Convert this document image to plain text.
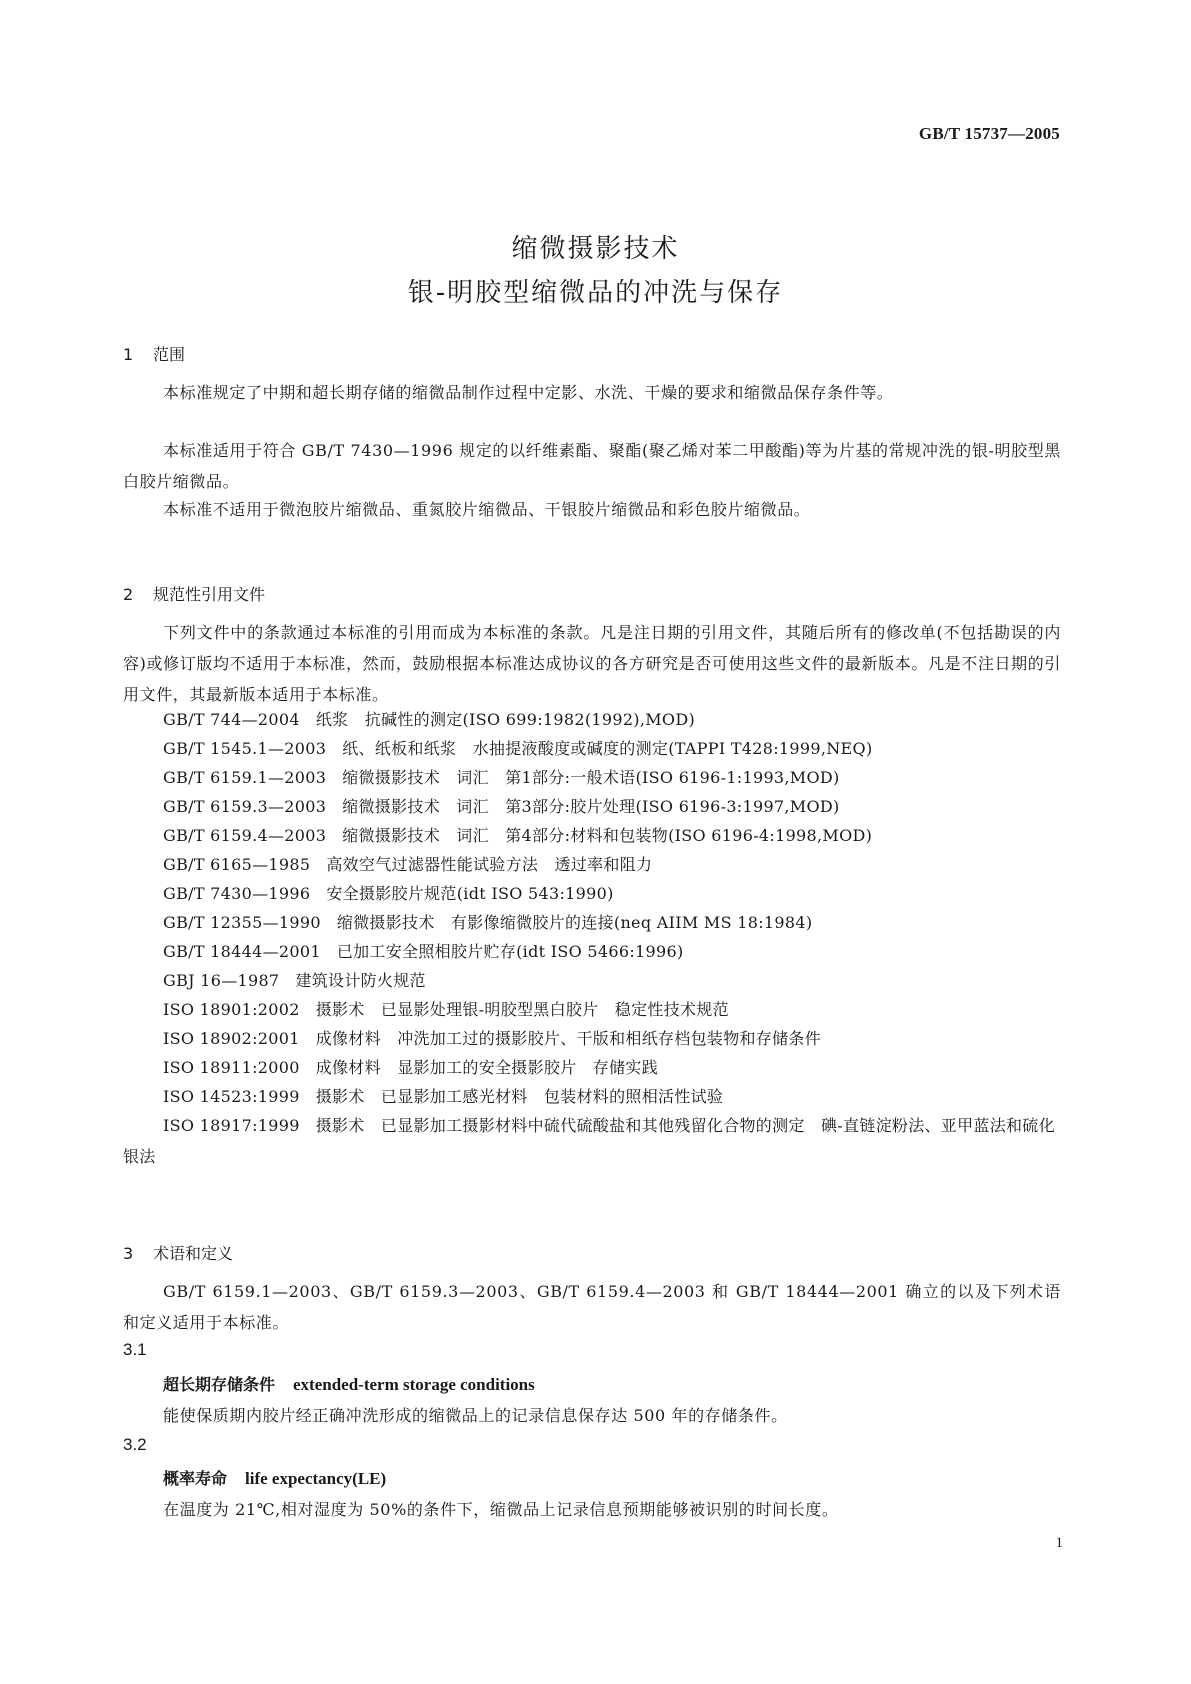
GB/T 15737—2005
缩微摄影技术
银-明胶型缩微品的冲洗与保存
1 范围
本标准规定了中期和超长期存储的缩微品制作过程中定影、水洗、干燥的要求和缩微品保存条件等。
本标准适用于符合 GB/T 7430—1996 规定的以纤维素酯、聚酯(聚乙烯对苯二甲酸酯)等为片基的常规冲洗的银-明胶型黑白胶片缩微品。
本标准不适用于微泡胶片缩微品、重氮胶片缩微品、干银胶片缩微品和彩色胶片缩微品。
2 规范性引用文件
下列文件中的条款通过本标准的引用而成为本标准的条款。凡是注日期的引用文件，其随后所有的修改单(不包括勘误的内容)或修订版均不适用于本标准，然而，鼓励根据本标准达成协议的各方研究是否可使用这些文件的最新版本。凡是不注日期的引用文件，其最新版本适用于本标准。
GB/T 744—2004 纸浆　抗碱性的测定(ISO 699:1982(1992),MOD)
GB/T 1545.1—2003 纸、纸板和纸浆　水抽提液酸度或碱度的测定(TAPPI T428:1999,NEQ)
GB/T 6159.1—2003 缩微摄影技术　词汇　第1部分:一般术语(ISO 6196-1:1993,MOD)
GB/T 6159.3—2003 缩微摄影技术　词汇　第3部分:胶片处理(ISO 6196-3:1997,MOD)
GB/T 6159.4—2003 缩微摄影技术　词汇　第4部分:材料和包装物(ISO 6196-4:1998,MOD)
GB/T 6165—1985 高效空气过滤器性能试验方法　透过率和阻力
GB/T 7430—1996 安全摄影胶片规范(idt ISO 543:1990)
GB/T 12355—1990 缩微摄影技术　有影像缩微胶片的连接(neq AIIM MS 18:1984)
GB/T 18444—2001 已加工安全照相胶片贮存(idt ISO 5466:1996)
GBJ 16—1987 建筑设计防火规范
ISO 18901:2002 摄影术　已显影处理银-明胶型黑白胶片　稳定性技术规范
ISO 18902:2001 成像材料　冲洗加工过的摄影胶片、干版和相纸存档包装物和存储条件
ISO 18911:2000 成像材料　显影加工的安全摄影胶片　存储实践
ISO 14523:1999 摄影术　已显影加工感光材料　包装材料的照相活性试验
ISO 18917:1999 摄影术　已显影加工摄影材料中硫代硫酸盐和其他残留化合物的测定　碘-直链淀粉法、亚甲蓝法和硫化银法
3 术语和定义
GB/T 6159.1—2003、GB/T 6159.3—2003、GB/T 6159.4—2003 和 GB/T 18444—2001 确立的以及下列术语和定义适用于本标准。
3.1
超长期存储条件 extended-term storage conditions
能使保质期内胶片经正确冲洗形成的缩微品上的记录信息保存达 500 年的存储条件。
3.2
概率寿命 life expectancy(LE)
在温度为 21℃,相对湿度为 50%的条件下，缩微品上记录信息预期能够被识别的时间长度。
1
